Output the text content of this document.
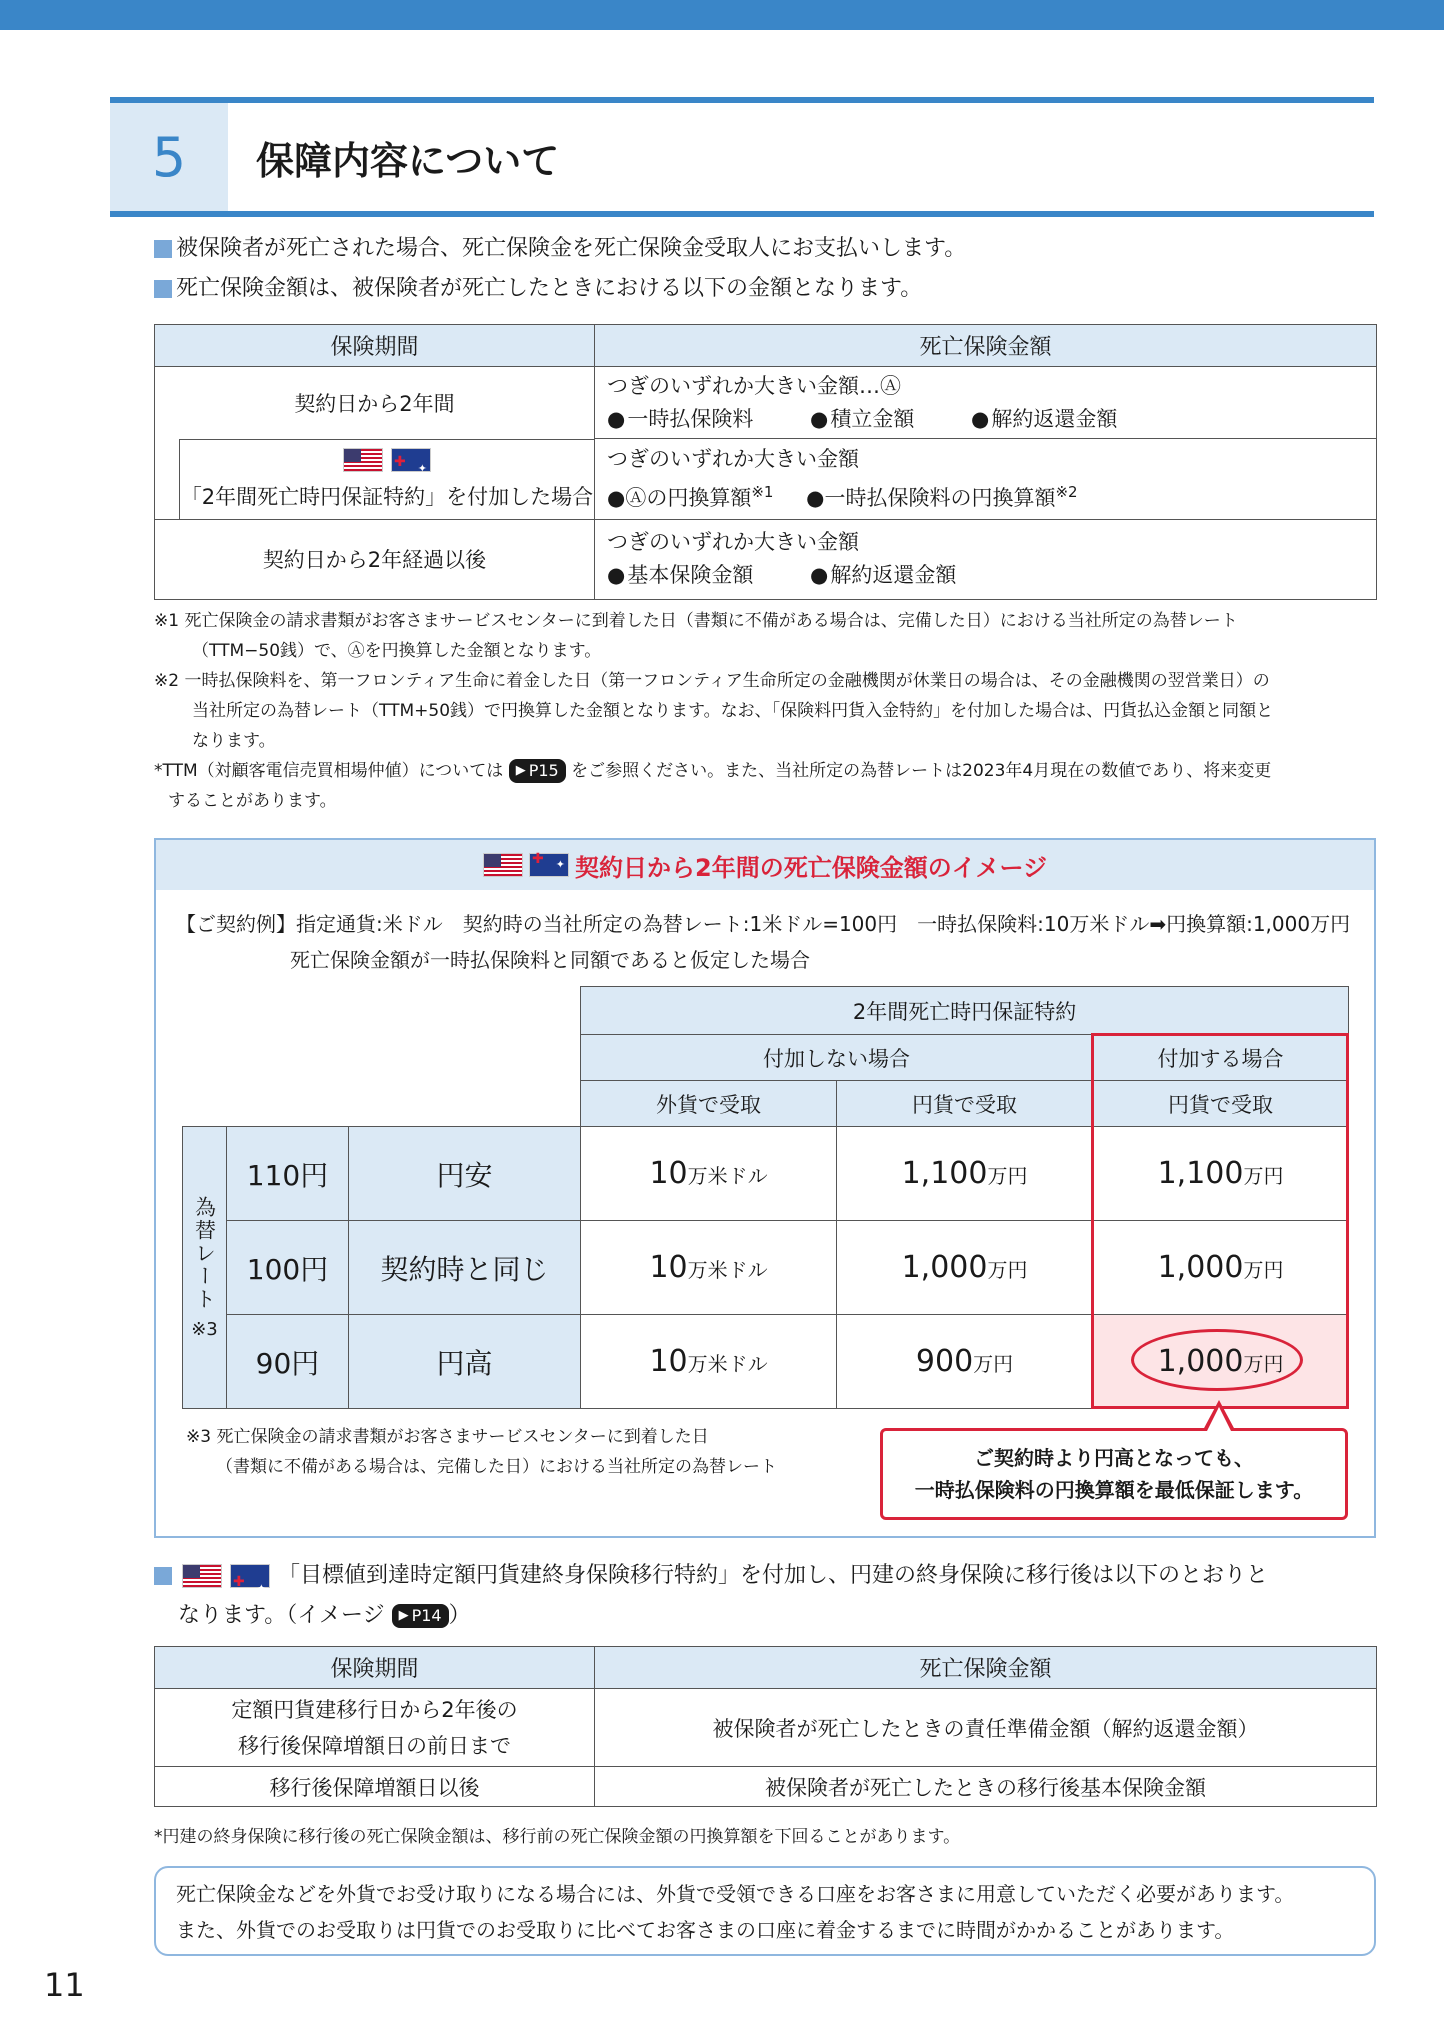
5	保障内容について
被保険者が死亡された場合、死亡保険金を死亡保険金受取人にお支払いします。
死亡保険金額は、被保険者が死亡したときにおける以下の金額となります。
保険期間	死亡保険金額
契約日から2年間	つぎのいずれか大きい金額…Ⓐ
● 一時払保険料 ● 積立金額 ● 解約返還金額

✚ ✦
「2年間死亡時円保証特約」を付加した場合	つぎのいずれか大きい金額
●Ⓐの円換算額$^{※1}$ ●一時払保険料の円換算額$^{※2}$

契約日から2年経過以後	つぎのいずれか大きい金額
● 基本保険金額 ● 解約返還金額
※1 死亡保険金の請求書類がお客さまサービスセンターに到着した日（書類に不備がある場合は、完備した日）における当社所定の為替レート
（TTM−50銭）で、Ⓐを円換算した金額となります。
※2 一時払保険料を、第一フロンティア生命に着金した日（第一フロンティア生命所定の金融機関が休業日の場合は、その金融機関の翌営業日）の
当社所定の為替レート（TTM+50銭）で円換算した金額となります。なお、「保険料円貨入金特約」を付加した場合は、円貨払込金額と同額と
なります。
*TTM（対顧客電信売買相場仲値）については ▶ P15 をご参照ください。また、当社所定の為替レートは2023年4月現在の数値であり、将来変更
することがあります。
✚ ✦
契約日から2年間の死亡保険金額のイメージ
【ご契約例】指定通貨:米ドル　契約時の当社所定の為替レート:1米ドル=100円　一時払保険料:10万米ドル➡円換算額:1,000万円
死亡保険金額が一時払保険料と同額であると仮定した場合
			2年間死亡時円保証特約		
			付加しない場合		付加する場合
			外貨で受取	円貨で受取	円貨で受取
為替レート
※3	110円	円安	10万米ドル	1,100万円	1,100万円
	100円	契約時と同じ	10万米ドル	1,000万円	1,000万円
	90円	円高	10万米ドル	900万円	1,000万円
※3 死亡保険金の請求書類がお客さまサービスセンターに到着した日
（書類に不備がある場合は、完備した日）における当社所定の為替レート	ご契約時より円高となっても、
一時払保険料の円換算額を最低保証します。
✚ ✦
「目標値到達時定額円貨建終身保険移行特約」を付加し、円建の終身保険に移行後は以下のとおりと
なります。（イメージ ▶ P14 ）
保険期間	死亡保険金額

定額円貨建移行日から2年後の
移行後保障増額日の前日まで	被保険者が死亡したときの責任準備金額（解約返還金額）
移行後保障増額日以後	被保険者が死亡したときの移行後基本保険金額
*円建の終身保険に移行後の死亡保険金額は、移行前の死亡保険金額の円換算額を下回ることがあります。
死亡保険金などを外貨でお受け取りになる場合には、外貨で受領できる口座をお客さまに用意していただく必要があります。
また、外貨でのお受取りは円貨でのお受取りに比べてお客さまの口座に着金するまでに時間がかかることがあります。
11
